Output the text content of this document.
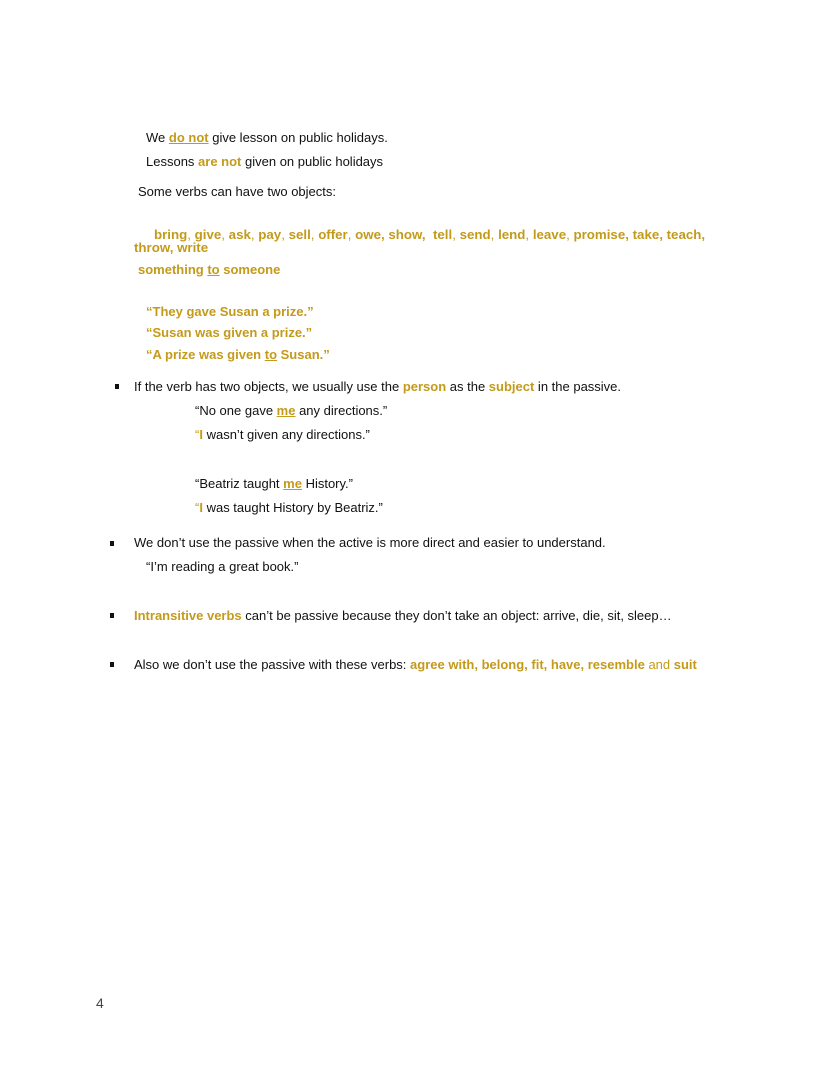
We do not give lesson on public holidays.
Lessons are not given on public holidays
Some verbs can have two objects:
bring, give, ask, pay, sell, offer, owe, show, tell, send, lend, leave, promise, take, teach,
throw, write
something to someone
“They gave Susan a prize.”
“Susan was given a prize.”
“A prize was given to Susan.”
If the verb has two objects, we usually use the person as the subject in the passive.
“No one gave me any directions.”
“I wasn’t given any directions.”
“Beatriz taught me History.”
“I was taught History by Beatriz.”
We don’t use the passive when the active is more direct and easier to understand.
“I’m reading a great book.”
Intransitive verbs can’t be passive because they don’t take an object: arrive, die, sit, sleep…
Also we don’t use the passive with these verbs: agree with, belong, fit, have, resemble and suit
4
